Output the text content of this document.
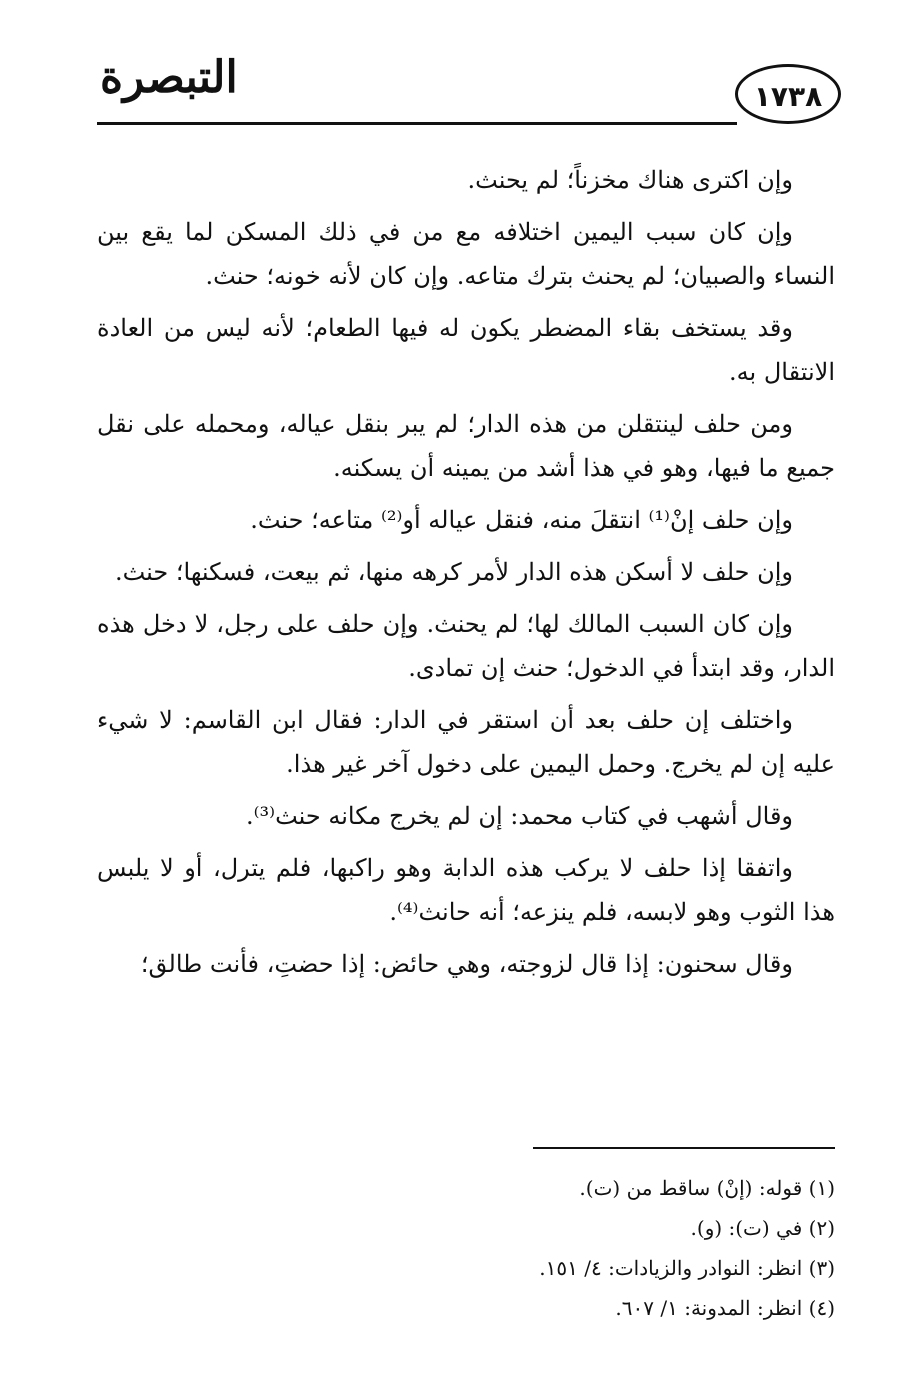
التبصرة	١٧٣٨

وإن اكترى هناك مخزناً؛ لم يحنث.

وإن كان سبب اليمين اختلافه مع من في ذلك المسكن لما يقع بين النساء والصبيان؛ لم يحنث بترك متاعه. وإن كان لأنه خونه؛ حنث.

وقد يستخف بقاء المضطر يكون له فيها الطعام؛ لأنه ليس من العادة الانتقال به.

ومن حلف لينتقلن من هذه الدار؛ لم يبر بنقل عياله، ومحمله على نقل جميع ما فيها، وهو في هذا أشد من يمينه أن يسكنه.

وإن حلف إنْ⁽¹⁾ انتقلَ منه، فنقل عياله أو⁽²⁾ متاعه؛ حنث.

وإن حلف لا أسكن هذه الدار لأمر كرهه منها، ثم بيعت، فسكنها؛ حنث.

وإن كان السبب المالك لها؛ لم يحنث. وإن حلف على رجل، لا دخل هذه الدار، وقد ابتدأ في الدخول؛ حنث إن تمادى.

واختلف إن حلف بعد أن استقر في الدار: فقال ابن القاسم: لا شيء عليه إن لم يخرج. وحمل اليمين على دخول آخر غير هذا.

وقال أشهب في كتاب محمد: إن لم يخرج مكانه حنث⁽³⁾.

واتفقا إذا حلف لا يركب هذه الدابة وهو راكبها، فلم يترل، أو لا يلبس هذا الثوب وهو لابسه، فلم ينزعه؛ أنه حانث⁽⁴⁾.

وقال سحنون: إذا قال لزوجته، وهي حائض: إذا حضتِ، فأنت طالق؛

(١) قوله: (إنْ) ساقط من (ت).

(٢) في (ت): (و).

(٣) انظر: النوادر والزيادات: ٤/ ١٥١.

(٤) انظر: المدونة: ١/ ٦٠٧.
